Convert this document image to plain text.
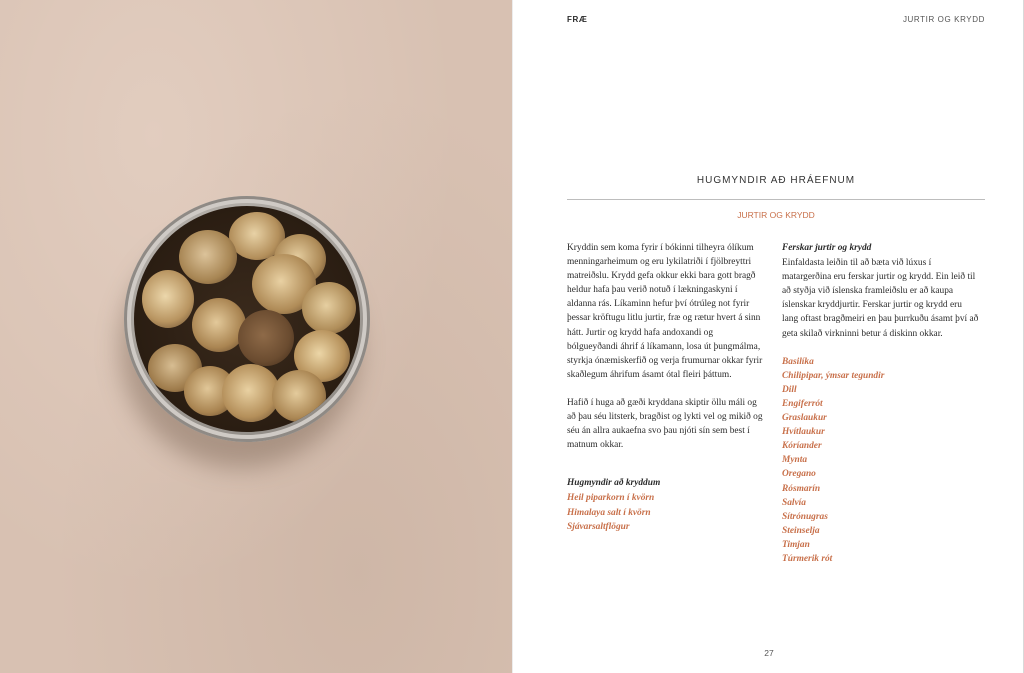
FRÆ	JURTIR OG KRYDD
HUGMYNDIR AÐ HRÁEFNUM
JURTIR OG KRYDD

Kryddin sem koma fyrir í bókinni tilheyra ólíkum menningarheimum og eru lykilatriði í fjölbreyttri matreiðslu. Krydd gefa okkur ekki bara gott bragð heldur hafa þau verið notuð í lækningaskyni í aldanna rás. Líkaminn hefur því ótrúleg not fyrir þessar kröftugu litlu jurtir, fræ og rætur hvert á sinn hátt. Jurtir og krydd hafa andoxandi og bólgueyðandi áhrif á líkamann, losa út þungmálma, styrkja ónæmiskerfið og verja frumurnar okkar fyrir skaðlegum áhrifum ásamt ótal fleiri þáttum.

Hafið í huga að gæði kryddana skiptir öllu máli og að þau séu litsterk, bragðist og lykti vel og mikið og séu án allra aukaefna svo þau njóti sín sem best í matnum okkar.

Hugmyndir að kryddum
Heil piparkorn í kvörn
Himalaya salt í kvörn
Sjávarsaltflögur
Ferskar jurtir og krydd

Einfaldasta leiðin til að bæta við lúxus í matargerðina eru ferskar jurtir og krydd. Ein leið til að styðja við íslenska framleiðslu er að kaupa íslenskar kryddjurtir. Ferskar jurtir og krydd eru lang oftast bragðmeiri en þau þurrkuðu ásamt því að geta skilað virkninni betur á diskinn okkar.

Basilíka
Chilipipar, ýmsar tegundir
Dill
Engiferrót
Graslaukur
Hvítlaukur
Kóríander
Mynta
Oregano
Rósmarín
Salvía
Sítrónugras
Steinselja
Timjan
Túrmerik rót
27
